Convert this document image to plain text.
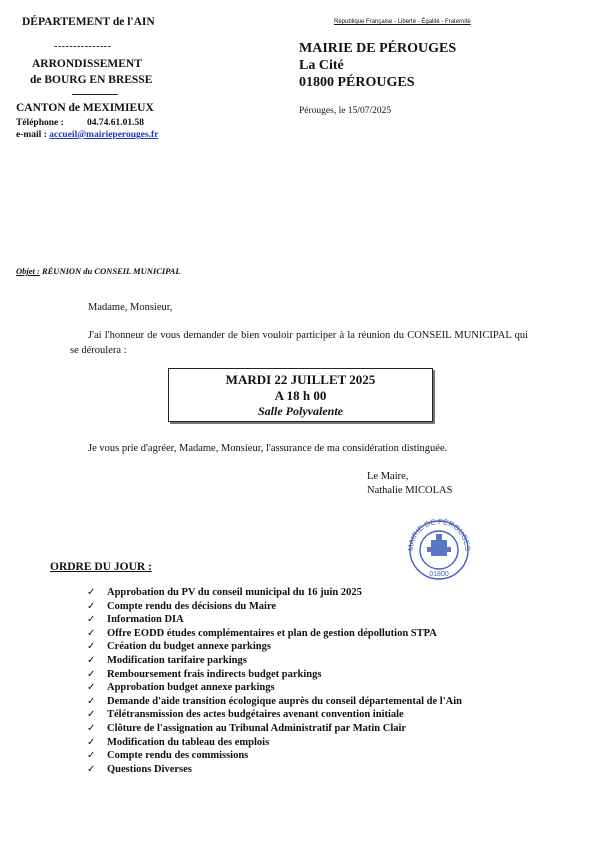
DÉPARTEMENT de l'AIN
---------------
ARRONDISSEMENT
de BOURG EN BRESSE
CANTON de MEXIMIEUX
Téléphone : 04.74.61.01.58
e-mail : accueil@mairieperouges.fr
République Française - Liberté - Égalité - Fraternité
MAIRIE DE PÉROUGES
La Cité
01800 PÉROUGES
Pérouges, le 15/07/2025
Objet : RÉUNION du CONSEIL MUNICIPAL
Madame, Monsieur,
J'ai l'honneur de vous demander de bien vouloir participer à la réunion du CONSEIL MUNICIPAL qui se déroulera :
MARDI 22 JUILLET 2025
A 18 h 00
Salle Polyvalente
Je vous prie d'agréer, Madame, Monsieur, l'assurance de ma considération distinguée.
Le Maire,
Nathalie MICOLAS
MAIRIE DE PÉROUGES
01800
ORDRE DU JOUR :
✓ Approbation du PV du conseil municipal du 16 juin 2025
✓ Compte rendu des décisions du Maire
✓ Information DIA
✓ Offre EODD études complémentaires et plan de gestion dépollution STPA
✓ Création du budget annexe parkings
✓ Modification tarifaire parkings
✓ Remboursement frais indirects budget parkings
✓ Approbation budget annexe parkings
✓ Demande d'aide transition écologique auprès du conseil départemental de l'Ain
✓ Télétransmission des actes budgétaires avenant convention initiale
✓ Clôture de l'assignation au Tribunal Administratif par Matin Clair
✓ Modification du tableau des emplois
✓ Compte rendu des commissions
✓ Questions Diverses
